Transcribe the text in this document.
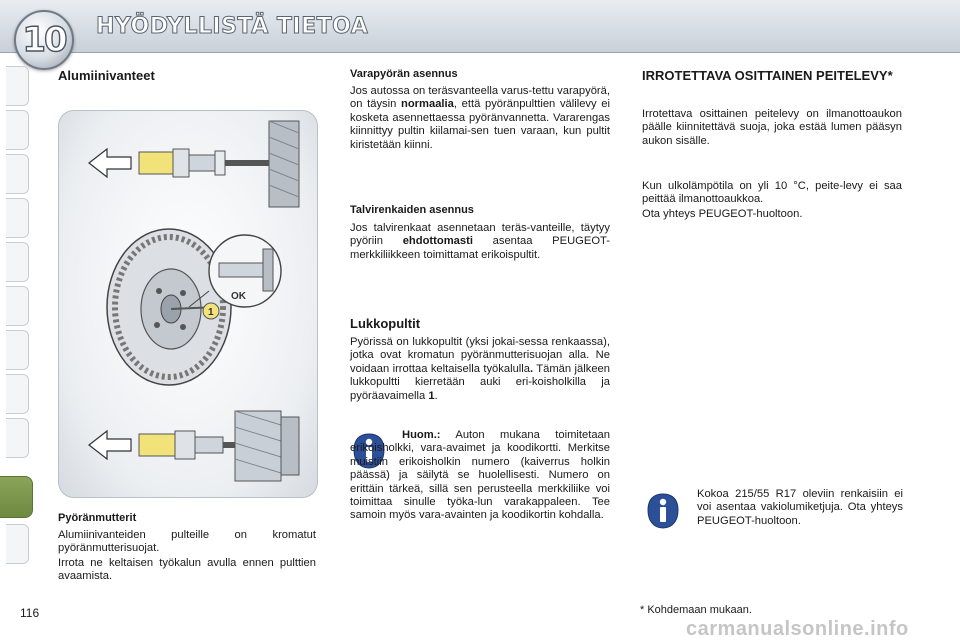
10	HYÖDYLLISTÄ TIETOA
Alumiinivanteet
OK
1
Pyöränmutterit
Alumiinivanteiden pulteille on kromatut pyöränmutterisuojat.
Irrota ne keltaisen työkalun avulla ennen pulttien avaamista.
Varapyörän asennus
Jos autossa on teräsvanteella varus-tettu varapyörä, on täysin normaalia, että pyöränpulttien välilevy ei kosketa asennettaessa pyöränvannetta. Vararengas kiinnittyy pultin kiilamai-sen tuen varaan, kun pultit kiristetään kiinni.
Talvirenkaiden asennus
Jos talvirenkaat asennetaan teräs-vanteille, täytyy pyöriin ehdottomasti asentaa PEUGEOT-merkkiliikkeen toimittamat erikoispultit.
Lukkopultit
Pyörissä on lukkopultit (yksi jokai-sessa renkaassa), jotka ovat kromatun pyöränmutterisuojan alla. Ne voidaan irrottaa keltaisella työkalulla. Tämän jälkeen lukkopultti kierretään auki eri-koisholkilla ja pyöräavaimella 1.
Huom.: Auton mukana toimitetaan erikoisholkki, vara-avaimet ja koodikortti. Merkitse muistiin erikoisholkin numero (kaiverrus holkin päässä) ja säilytä se huolellisesti. Numero on erittäin tärkeä, sillä sen perusteella merkkiliike voi toimittaa sinulle työka-lun varakappaleen. Tee samoin myös vara-avainten ja koodikortin kohdalla.
IRROTETTAVA OSITTAINEN PEITELEVY*
Irrotettava osittainen peitelevy on ilmanottoaukon päälle kiinnitettävä suoja, joka estää lumen pääsyn aukon sisälle.
Kun ulkolämpötila on yli 10 °C, peite-levy ei saa peittää ilmanottoaukkoa.
Ota yhteys PEUGEOT-huoltoon.
Kokoa 215/55 R17 oleviin renkaisiin ei voi asentaa vakiolumiketjuja. Ota yhteys PEUGEOT-huoltoon.
116	* Kohdemaan mukaan.
carmanualsonline.info
